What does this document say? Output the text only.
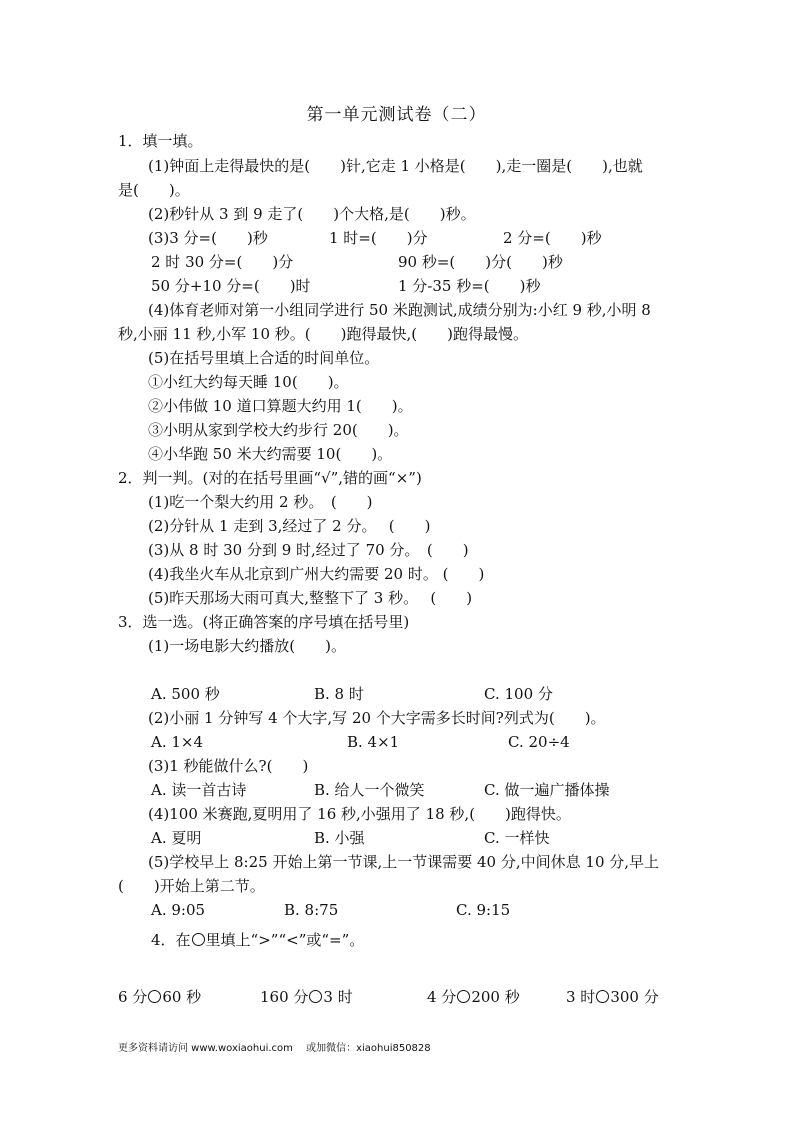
第一单元测试卷（二）
1．填一填。
(1)钟面上走得最快的是(　　)针,它走 1 小格是(　　),走一圈是(　　),也就
是(　　)。
(2)秒针从 3 到 9 走了(　　)个大格,是(　　)秒。
(3)3 分=(　　)秒	1 时=(　　)分	2 分=(　　)秒
2 时 30 分=(　　)分	90 秒=(　　)分(　　)秒
50 分+10 分=(　　)时	1 分-35 秒=(　　)秒
(4)体育老师对第一小组同学进行 50 米跑测试,成绩分别为:小红 9 秒,小明 8
秒,小丽 11 秒,小军 10 秒。(　　)跑得最快,(　　)跑得最慢。
(5)在括号里填上合适的时间单位。
①小红大约每天睡 10(　　)。
②小伟做 10 道口算题大约用 1(　　)。
③小明从家到学校大约步行 20(　　)。
④小华跑 50 米大约需要 10(　　)。
2．判一判。(对的在括号里画“√”,错的画“×”)
(1)吃一个梨大约用 2 秒。　(　　)
(2)分针从 1 走到 3,经过了 2 分。　 (　　)
(3)从 8 时 30 分到 9 时,经过了 70 分。　(　　)
(4)我坐火车从北京到广州大约需要 20 时。 (　　)
(5)昨天那场大雨可真大,整整下了 3 秒。　 (　　)
3．选一选。(将正确答案的序号填在括号里)
(1)一场电影大约播放(　　)。
A. 500 秒	B. 8 时	C. 100 分
(2)小丽 1 分钟写 4 个大字,写 20 个大字需多长时间?列式为(　　)。
A. 1×4	B. 4×1	C. 20÷4
(3)1 秒能做什么?(　　)
A. 读一首古诗	B. 给人一个微笑	C. 做一遍广播体操
(4)100 米赛跑,夏明用了 16 秒,小强用了 18 秒,(　　)跑得快。
A. 夏明	B. 小强	C. 一样快
(5)学校早上 8:25 开始上第一节课,上一节课需要 40 分,中间休息 10 分,早上
(　　)开始上第二节。
A. 9:05	B. 8:75	C. 9:15
4．在 里填上“>”“<”或“=”。
6 分 60 秒	160 分 3 时	4 分 200 秒	3 时 300 分
更多资料请访问 www.woxiaohui.com　 或加微信：xiaohui850828
